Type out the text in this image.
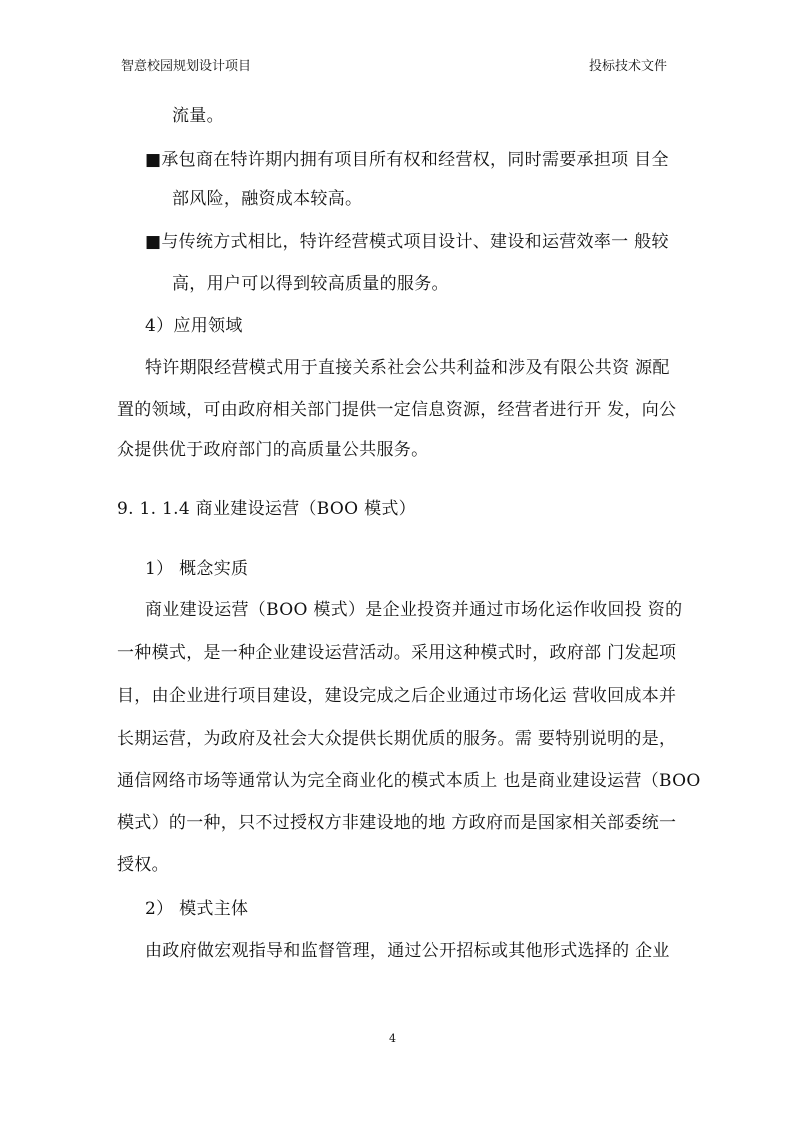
智意校园规划设计项目	投标技术文件
流量。
■承包商在特许期内拥有项目所有权和经营权，同时需要承担项 目全
部风险，融资成本较高。
■与传统方式相比，特许经营模式项目设计、建设和运营效率一 般较
高，用户可以得到较高质量的服务。
4）应用领域
特许期限经营模式用于直接关系社会公共利益和涉及有限公共资 源配
置的领域，可由政府相关部门提供一定信息资源，经营者进行开 发，向公
众提供优于政府部门的高质量公共服务。
9. 1. 1.4 商业建设运营（BOO 模式）
1） 概念实质
商业建设运营（BOO 模式）是企业投资并通过市场化运作收回投 资的
一种模式，是一种企业建设运营活动。采用这种模式时，政府部 门发起项
目，由企业进行项目建设，建设完成之后企业通过市场化运 营收回成本并
长期运营，为政府及社会大众提供长期优质的服务。需 要特别说明的是，
通信网络市场等通常认为完全商业化的模式本质上 也是商业建设运营（BOO
模式）的一种，只不过授权方非建设地的地 方政府而是国家相关部委统一
授权。
2） 模式主体
由政府做宏观指导和监督管理，通过公开招标或其他形式选择的 企业
4
